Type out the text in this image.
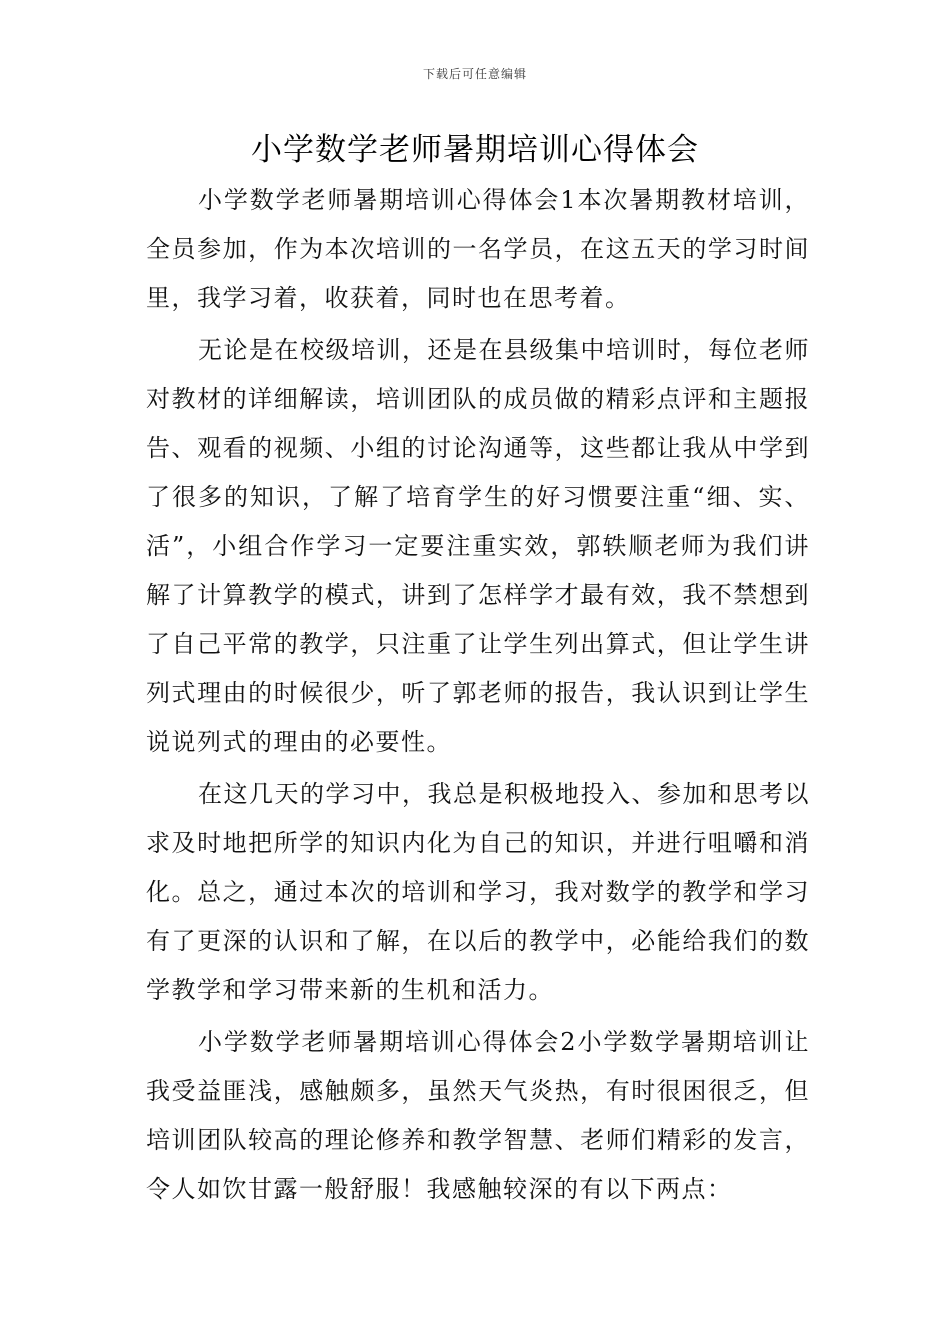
下载后可任意编辑
小学数学老师暑期培训心得体会

小学数学老师暑期培训心得体会1本次暑期教材培训，全员参加，作为本次培训的一名学员，在这五天的学习时间里，我学习着，收获着，同时也在思考着。

无论是在校级培训，还是在县级集中培训时，每位老师对教材的详细解读，培训团队的成员做的精彩点评和主题报告、观看的视频、小组的讨论沟通等，这些都让我从中学到了很多的知识，了解了培育学生的好习惯要注重“细、实、活”，小组合作学习一定要注重实效，郭轶顺老师为我们讲解了计算教学的模式，讲到了怎样学才最有效，我不禁想到了自己平常的教学，只注重了让学生列出算式，但让学生讲列式理由的时候很少，听了郭老师的报告，我认识到让学生说说列式的理由的必要性。

在这几天的学习中，我总是积极地投入、参加和思考以求及时地把所学的知识内化为自己的知识，并进行咀嚼和消化。总之，通过本次的培训和学习，我对数学的教学和学习有了更深的认识和了解，在以后的教学中，必能给我们的数学教学和学习带来新的生机和活力。

小学数学老师暑期培训心得体会2小学数学暑期培训让我受益匪浅，感触颇多，虽然天气炎热，有时很困很乏，但培训团队较高的理论修养和教学智慧、老师们精彩的发言，令人如饮甘露一般舒服！我感触较深的有以下两点：
